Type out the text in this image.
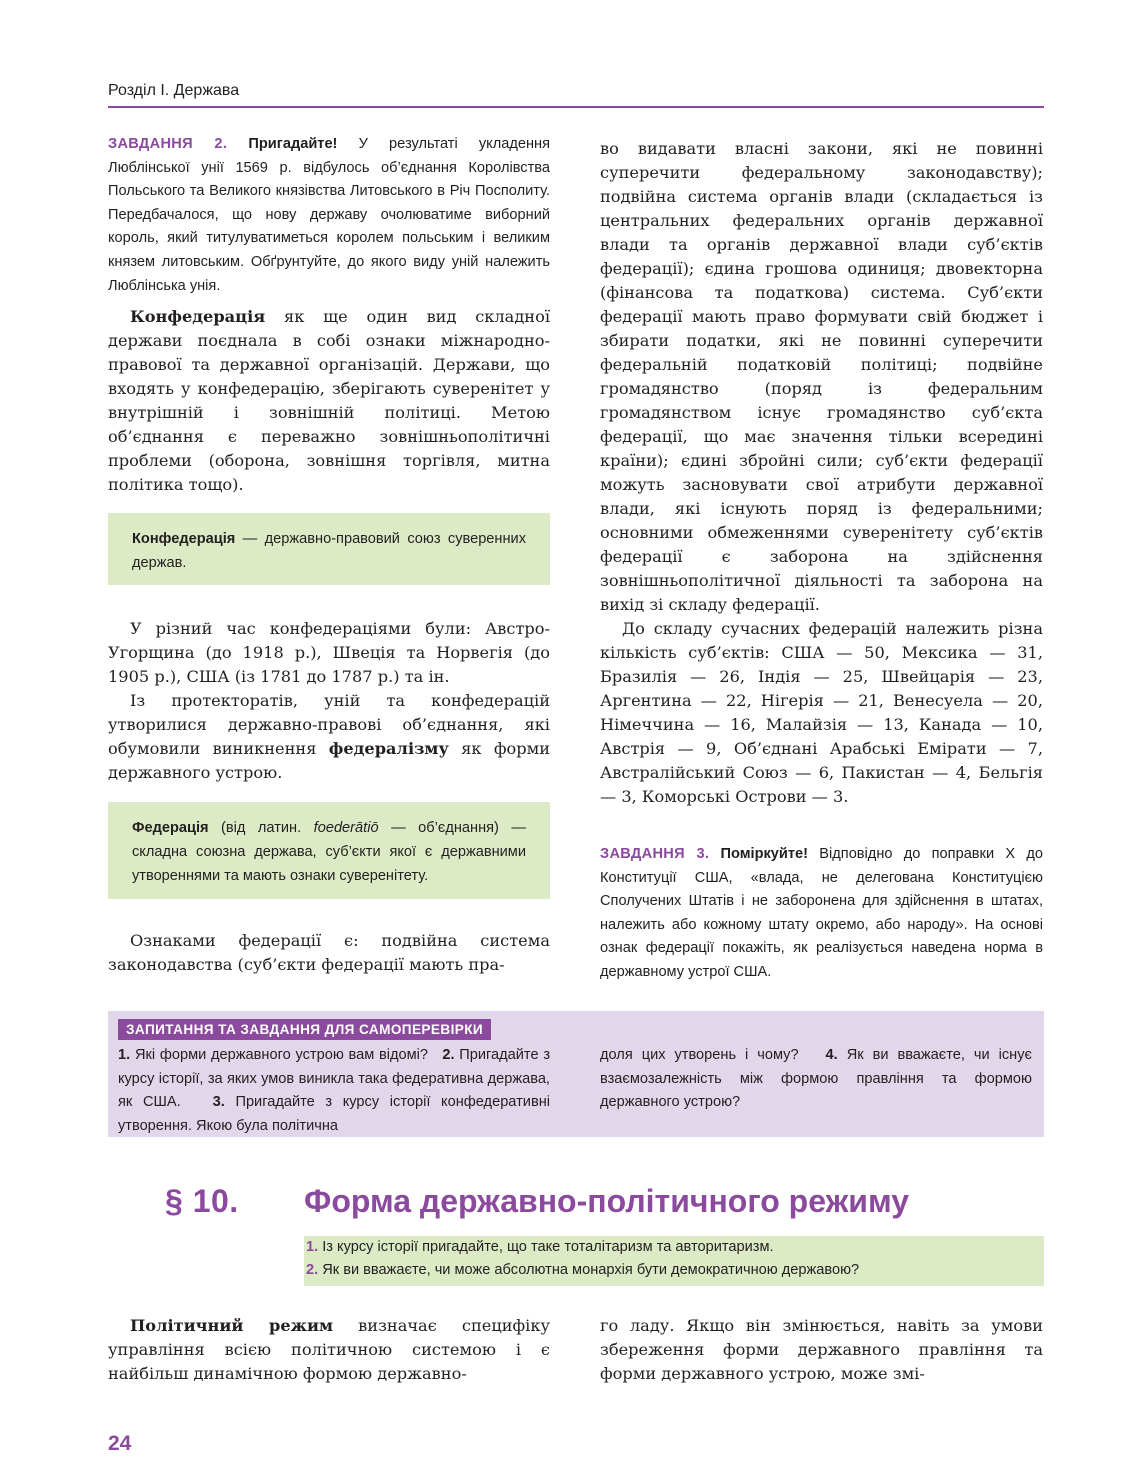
Розділ I. Держава
ЗАВДАННЯ 2. Пригадайте! У результаті укладення Люблінської унії 1569 р. відбулось об’єднання Королівства Польського та Великого князівства Литовського в Річ Посполиту. Передбачалося, що нову державу очолюватиме виборний король, який титулуватиметься королем польським і великим князем литовським. Обґрунтуйте, до якого виду уній належить Люблінська унія.

Конфедерація як ще один вид складної держави поєднала в собі ознаки міжнародно-правової та державної організацій. Держави, що входять у конфедерацію, зберігають суверенітет у внутрішній і зовнішній політиці. Метою об’єднання є переважно зовнішньополітичні проблеми (оборона, зовнішня торгівля, митна політика тощо).

Конфедерація — державно-правовий союз суверенних держав.

У різний час конфедераціями були: Австро-Угорщина (до 1918 р.), Швеція та Норвегія (до 1905 р.), США (із 1781 до 1787 р.) та ін.

Із протекторатів, уній та конфедерацій утворилися державно-правові об’єднання, які обумовили виникнення федералізму як форми державного устрою.

Федерація (від латин. foederātiō — об’єднання) — складна союзна держава, суб’єкти якої є державними утвореннями та мають ознаки суверенітету.

Ознаками федерації є: подвійна система законодавства (суб’єкти федерації мають пра-

во видавати власні закони, які не повинні суперечити федеральному законодавству); подвійна система органів влади (складається із центральних федеральних органів державної влади та органів державної влади суб’єктів федерації); єдина грошова одиниця; двовекторна (фінансова та податкова) система. Суб’єкти федерації мають право формувати свій бюджет і збирати податки, які не повинні суперечити федеральній податковій політиці; подвійне громадянство (поряд із федеральним громадянством існує громадянство суб’єкта федерації, що має значення тільки всередині країни); єдині збройні сили; суб’єкти федерації можуть засновувати свої атрибути державної влади, які існують поряд із федеральними; основними обмеженнями суверенітету суб’єктів федерації є заборона на здійснення зовнішньополітичної діяльності та заборона на вихід зі складу федерації.

До складу сучасних федерацій належить різна кількість суб’єктів: США — 50, Мексика — 31, Бразилія — 26, Індія — 25, Швейцарія — 23, Аргентина — 22, Нігерія — 21, Венесуела — 20, Німеччина — 16, Малайзія — 13, Канада — 10, Австрія — 9, Об’єднані Арабські Емірати — 7, Австралійський Союз — 6, Пакистан — 4, Бельгія — 3, Коморські Острови — 3.

ЗАВДАННЯ 3. Поміркуйте! Відповідно до поправки X до Конституції США, «влада, не делегована Конституцією Сполучених Штатів і не заборонена для здійснення в штатах, належить або кожному штату окремо, або народу». На основі ознак федерації покажіть, як реалізується наведена норма в державному устрої США.
ЗАПИТАННЯ ТА ЗАВДАННЯ ДЛЯ САМОПЕРЕВІРКИ
1. Які форми державного устрою вам відомі? 2. Пригадайте з курсу історії, за яких умов виникла така федеративна держава, як США. 3. Пригадайте з курсу історії конфедеративні утворення. Якою була політична
доля цих утворень і чому? 4. Як ви вважаєте, чи існує взаємозалежність між формою правління та формою державного устрою?
§ 10. Форма державно-політичного режиму
1. Із курсу історії пригадайте, що таке тоталітаризм та авторитаризм.
2. Як ви вважаєте, чи може абсолютна монархія бути демократичною державою?

Політичний режим визначає специфіку управління всією політичною системою і є найбільш динамічною формою державно-

го ладу. Якщо він змінюється, навіть за умови збереження форми державного правління та форми державного устрою, може змі-

24
